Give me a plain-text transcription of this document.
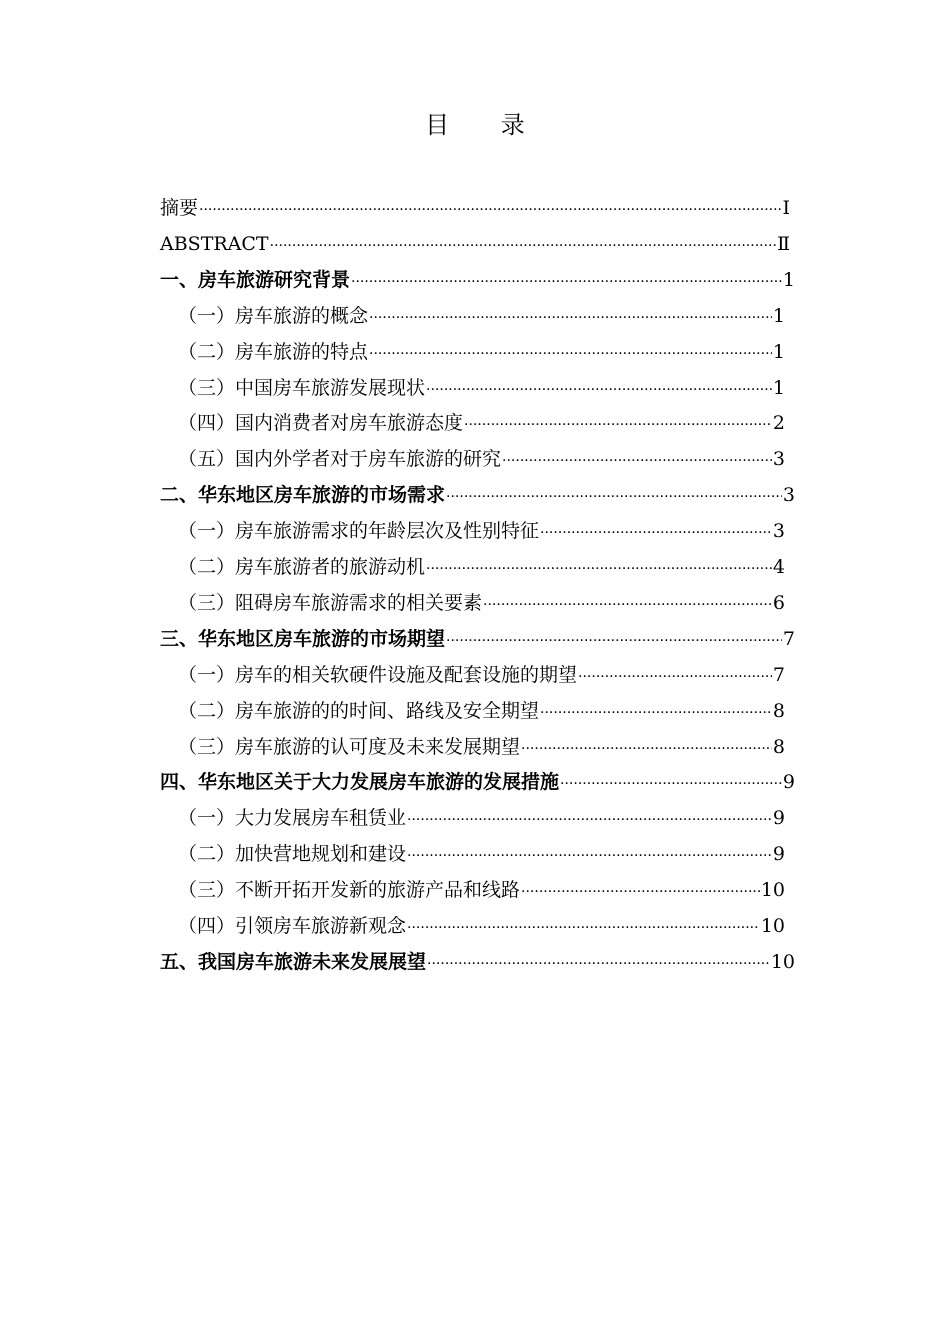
目 录
摘要 ·····	Ⅰ
ABSTRACT ·····	Ⅱ
一、房车旅游研究背景 ·····	1
（一）房车旅游的概念 ·····	1
（二）房车旅游的特点 ·····	1
（三）中国房车旅游发展现状 ·····	1
（四）国内消费者对房车旅游态度 ·····	2
（五）国内外学者对于房车旅游的研究 ·····	3
二、华东地区房车旅游的市场需求 ·····	3
（一）房车旅游需求的年龄层次及性别特征 ·····	3
（二）房车旅游者的旅游动机 ·····	4
（三）阻碍房车旅游需求的相关要素 ·····	6
三、华东地区房车旅游的市场期望 ·····	7
（一）房车的相关软硬件设施及配套设施的期望 ·····	7
（二）房车旅游的的时间、路线及安全期望 ·····	8
（三）房车旅游的认可度及未来发展期望 ·····	8
四、华东地区关于大力发展房车旅游的发展措施 ·····	9
（一）大力发展房车租赁业 ·····	9
（二）加快营地规划和建设 ·····	9
（三）不断开拓开发新的旅游产品和线路 ·····	10
（四）引领房车旅游新观念 ·····	10
五、我国房车旅游未来发展展望 ·····	10
